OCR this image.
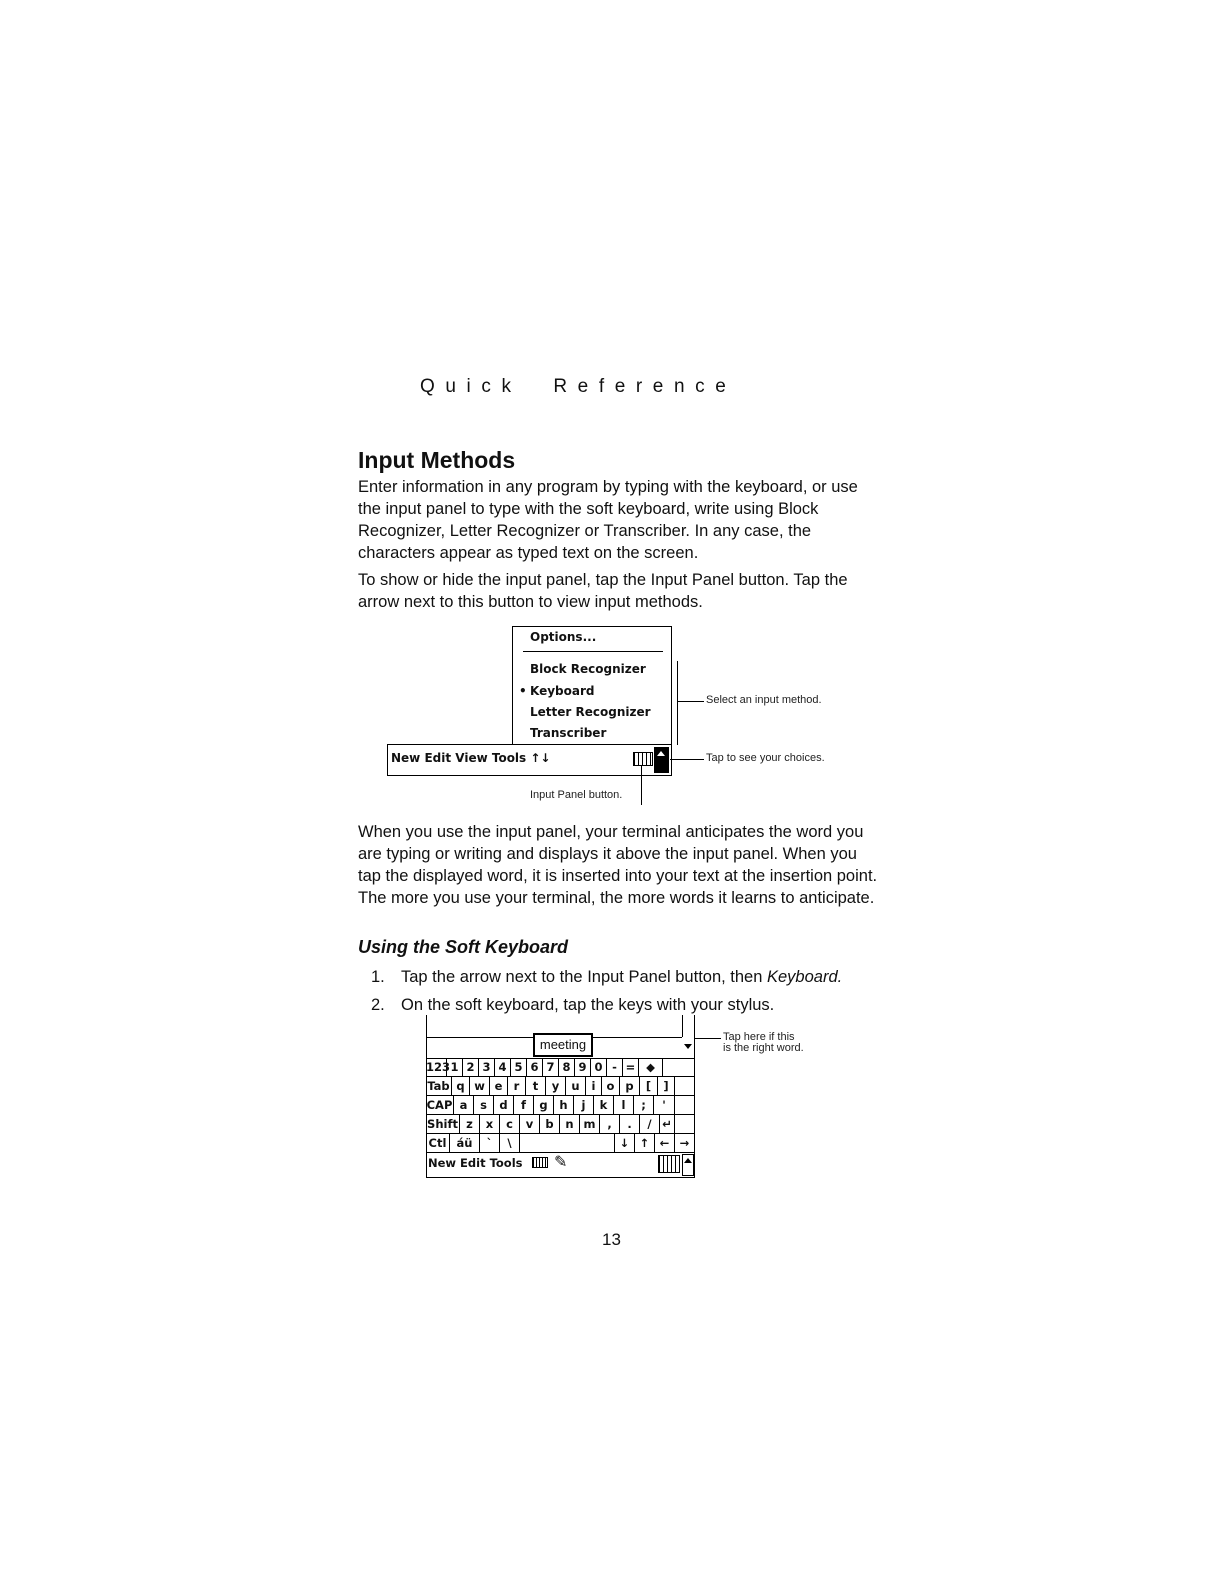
Quick  Reference
Input Methods

Enter information in any program by typing with the keyboard, or use the input panel to type with the soft keyboard, write using Block Recognizer, Letter Recognizer or Transcriber. In any case, the characters appear as typed text on the screen.

To show or hide the input panel, tap the Input Panel button. Tap the arrow next to this button to view input methods.

Options...
Block Recognizer
• Keyboard
Letter Recognizer
Transcriber
New Edit View Tools ↑↓
Select an input method.
Tap to see your choices.
Input Panel button.

When you use the input panel, your terminal anticipates the word you are typing or writing and displays it above the input panel. When you tap the displayed word, it is inserted into your text at the insertion point. The more you use your terminal, the more words it learns to anticipate.

Using the Soft Keyboard
1. Tap the arrow next to the Input Panel button, then Keyboard.
2. On the soft keyboard, tap the keys with your stylus.
meeting
123 1 2 3 4 5 6 7 8 9 0 - = ◆
Tab q w e r	t	y	u	i o p	[	]
CAP a	s	d	f	g	h	j	k	l	;	'
Shift z	x	c	v	b	n m	,	.	/ ↵
Ctl áü	`	\	↓ ↑ ← →
New Edit Tools ✎
Tap here if this
is the right word.

13
